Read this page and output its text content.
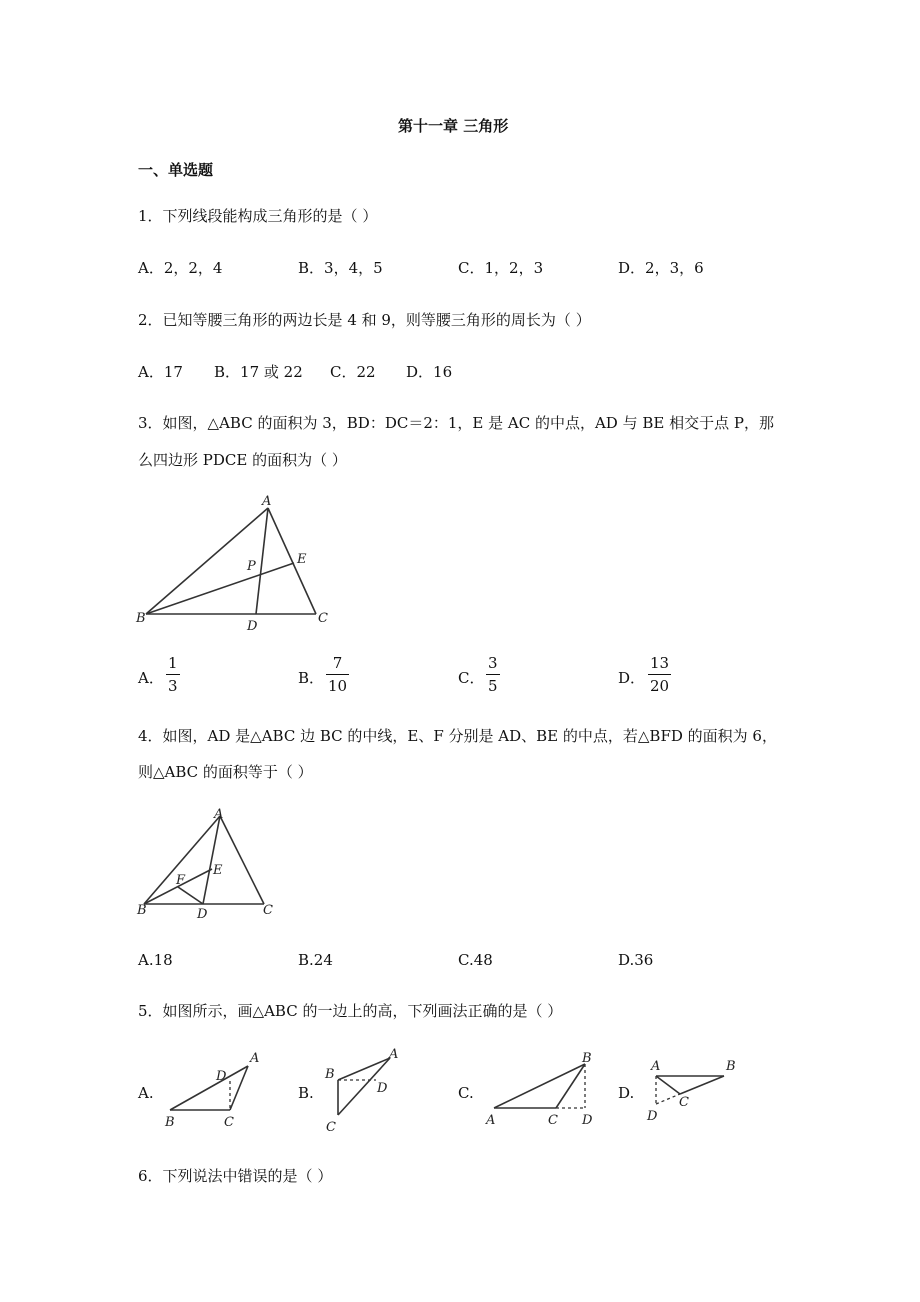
第十一章 三角形
一、单选题
1．下列线段能构成三角形的是（ ）
A．2，2，4	B．3，4，5	C．1，2，3	D．2，3，6
2．已知等腰三角形的两边长是 4 和 9，则等腰三角形的周长为（ ）
A．17 B．17 或 22 C．22 D．16
3．如图，△ABC 的面积为 3，BD：DC＝2：1，E 是 AC 的中点，AD 与 BE 相交于点 P，那
么四边形 PDCE 的面积为（ ）
A
B	C
D
E
P
A．
1
3	B．
7
10	C．
3
5	D．
13
20
4．如图，AD 是△ABC 边 BC 的中线，E、F 分别是 AD、BE 的中点，若△BFD 的面积为 6，
则△ABC 的面积等于（ ）
A
B	C
D
E
F
A.18	B.24	C.48	D.36
5．如图所示，画△ABC 的一边上的高，下列画法正确的是（ ）
A.	B.	C.	D.
A
B	C
D
A
B
C
D
B
A	C D
A	B
C
D
6．下列说法中错误的是（ ）
